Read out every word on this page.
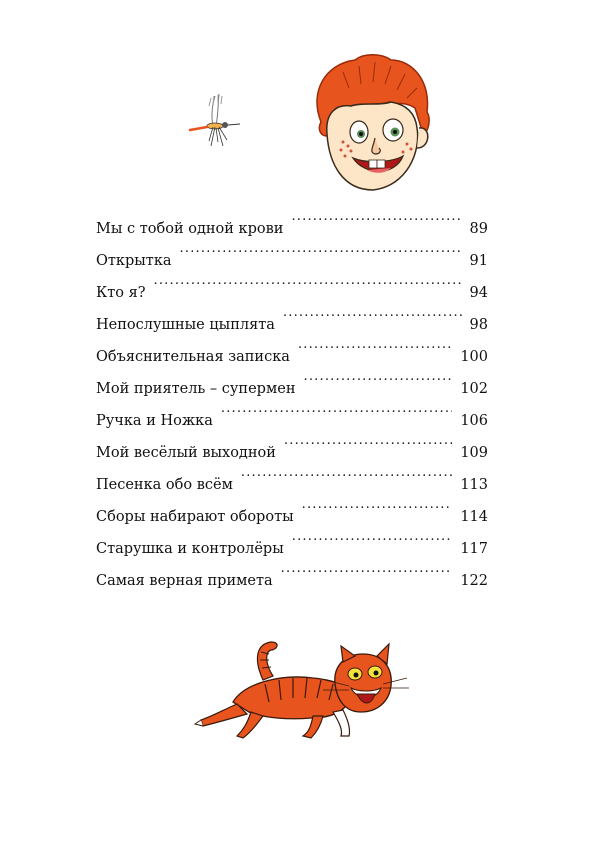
Мы с тобой одной крови .....	89
Открытка .....	91
Кто я? .....	94
Непослушные цыплята .....	98
Объяснительная записка .....	100
Мой приятель – супермен .....	102
Ручка и Ножка .....	106
Мой весёлый выходной .....	109
Песенка обо всём .....	113
Сборы набирают обороты .....	114
Старушка и контролёры .....	117
Самая верная примета .....	122
